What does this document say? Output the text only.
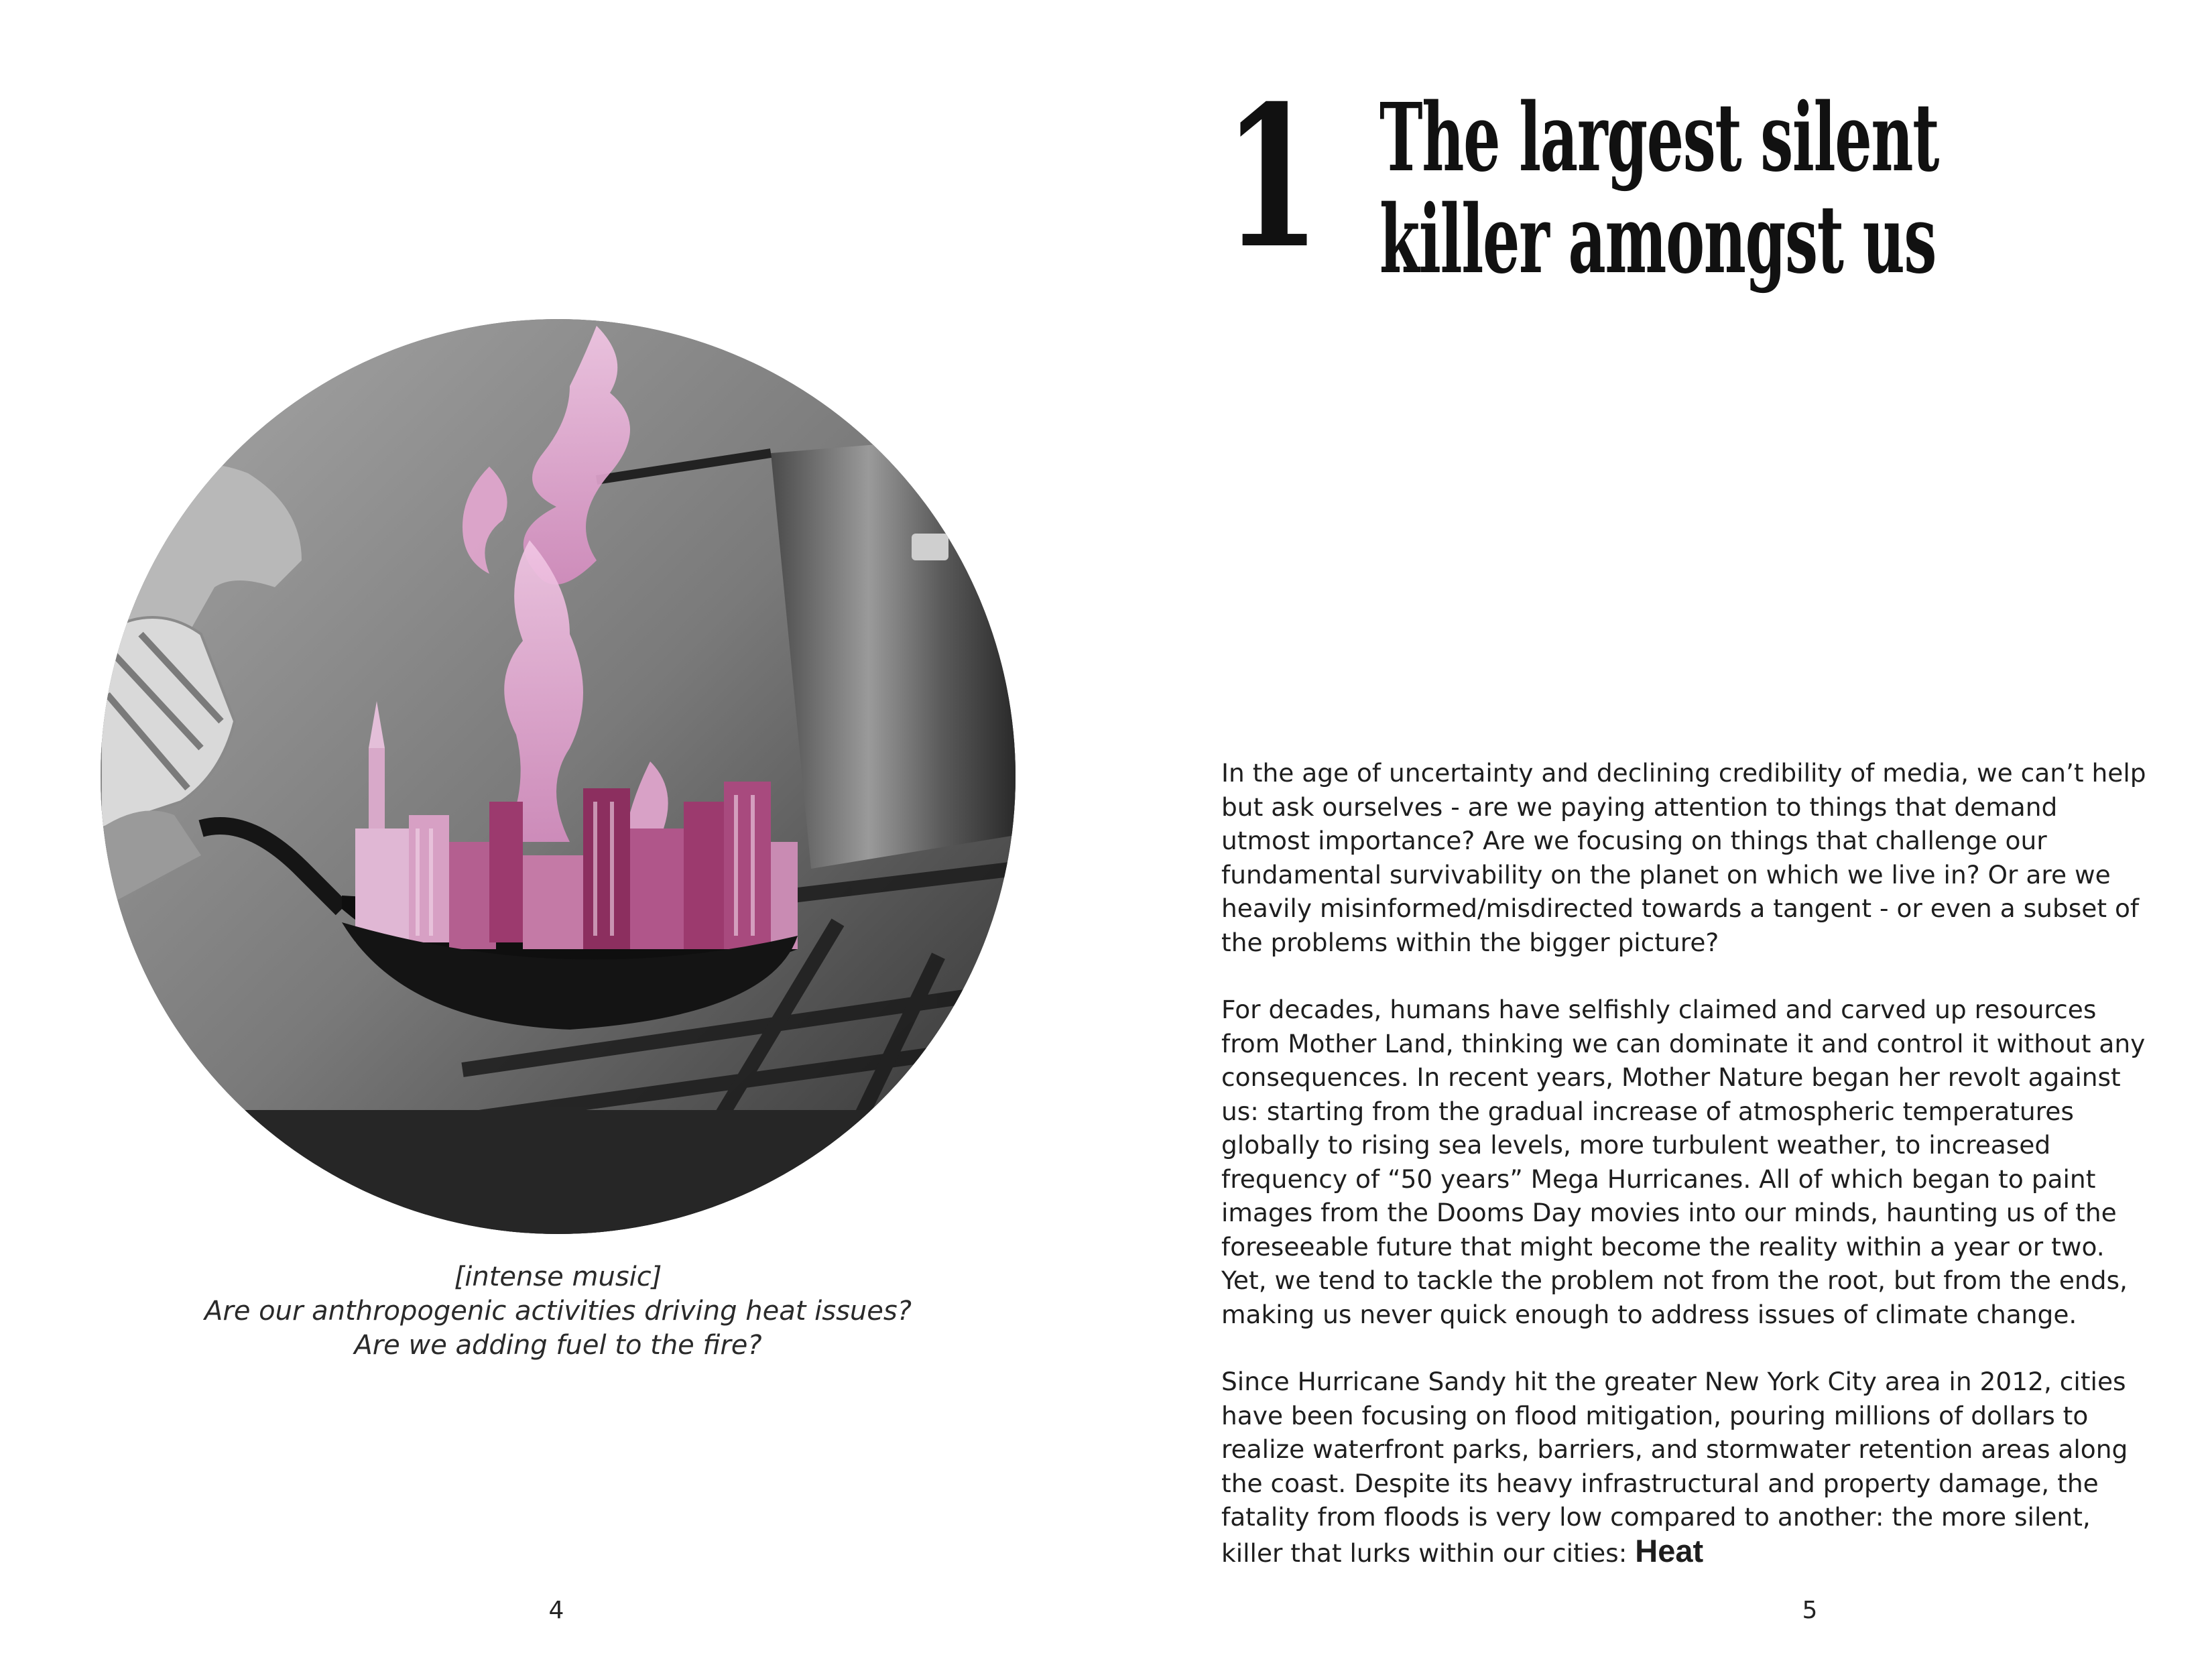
[intense music]
Are our anthropogenic activities driving heat issues?
Are we adding fuel to the fire?
4
1 The largest silent
killer amongst us

In the age of uncertainty and declining credibility of media, we can’t help but ask ourselves - are we paying attention to things that demand utmost importance? Are we focusing on things that challenge our fundamental survivability on the planet on which we live in? Or are we heavily misinformed/misdirected towards a tangent - or even a subset of the problems within the bigger picture?

For decades, humans have selfishly claimed and carved up resources from Mother Land, thinking we can dominate it and control it without any consequences. In recent years, Mother Nature began her revolt against us: starting from the gradual increase of atmospheric temperatures globally to rising sea levels, more turbulent weather, to increased frequency of “50 years” Mega Hurricanes. All of which began to paint images from the Dooms Day movies into our minds, haunting us of the foreseeable future that might become the reality within a year or two. Yet, we tend to tackle the problem not from the root, but from the ends, making us never quick enough to address issues of climate change.

Since Hurricane Sandy hit the greater New York City area in 2012, cities have been focusing on flood mitigation, pouring millions of dollars to realize waterfront parks, barriers, and stormwater retention areas along the coast. Despite its heavy infrastructural and property damage, the fatality from floods is very low compared to another: the more silent, killer that lurks within our cities: Heat

5
